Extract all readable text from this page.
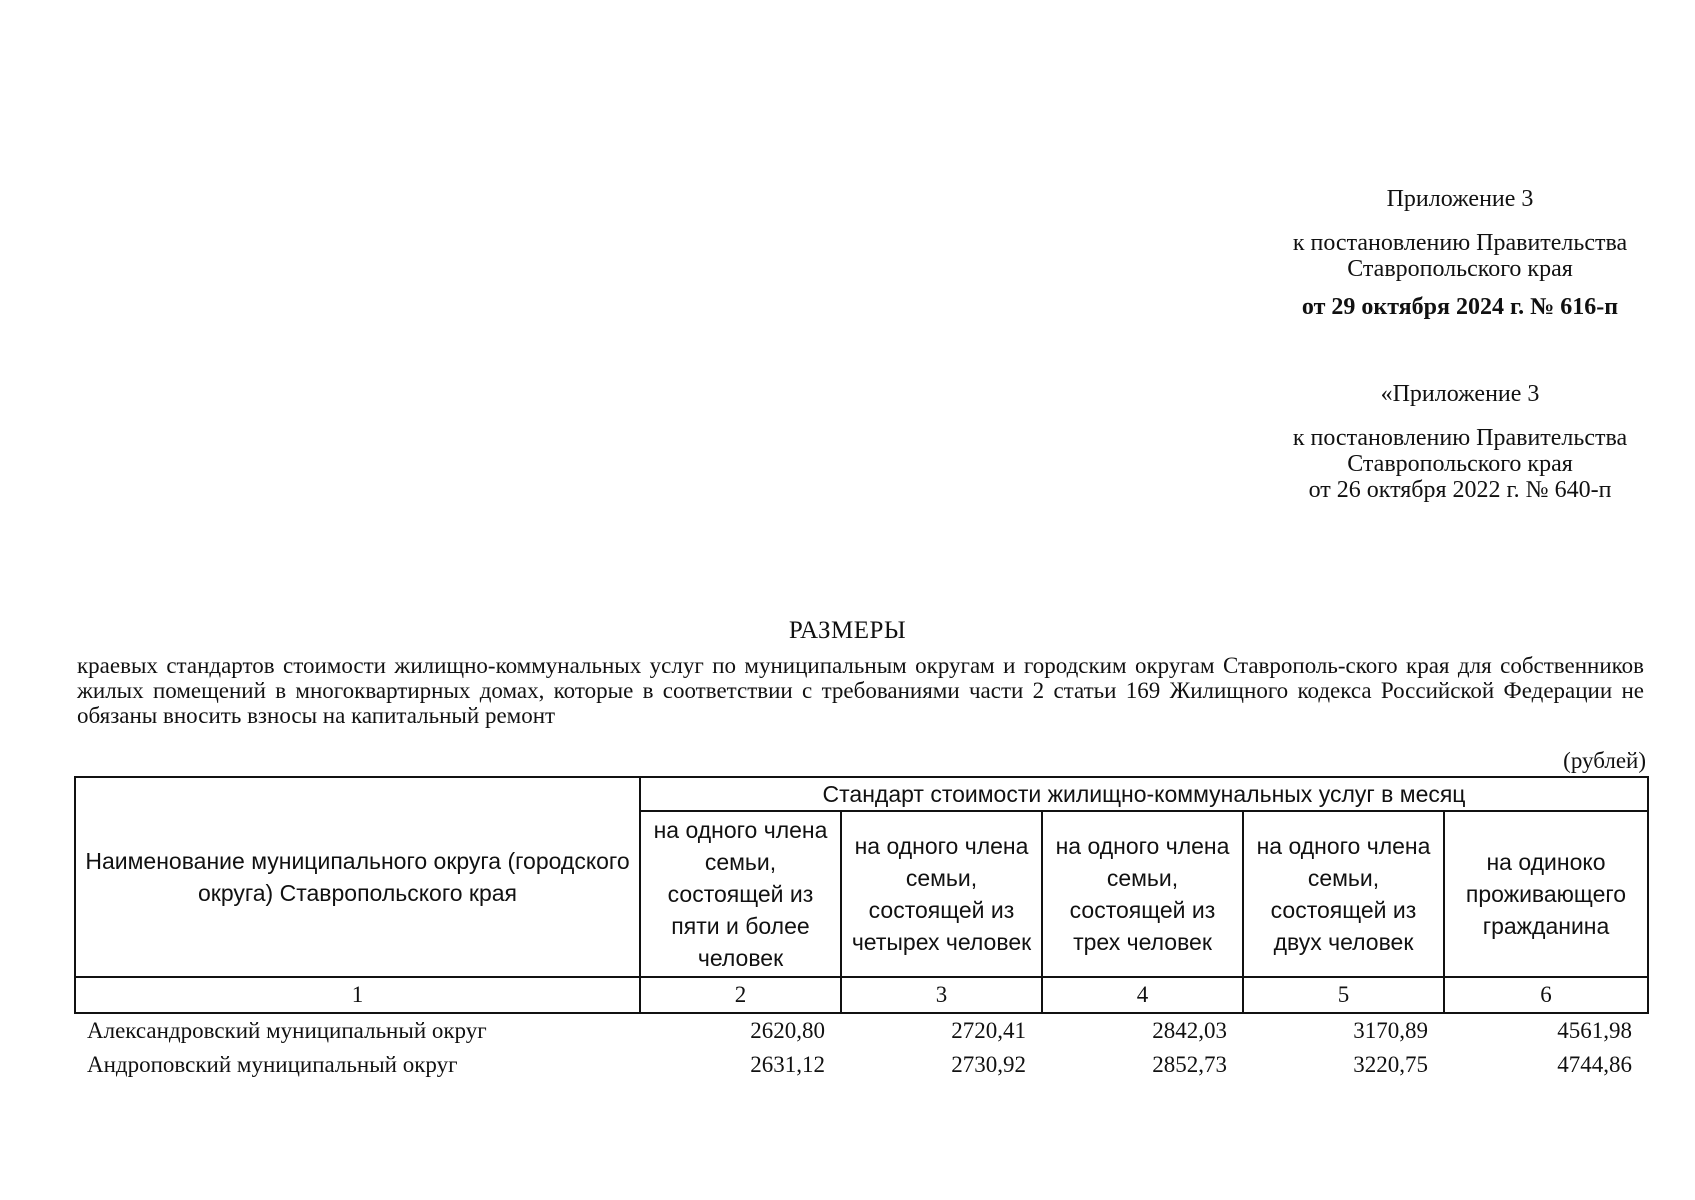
Приложение 3
к постановлению Правительства
Ставропольского края
от 29 октября 2024 г. № 616-п
«Приложение 3
к постановлению Правительства
Ставропольского края
от 26 октября 2022 г. № 640-п
РАЗМЕРЫ
краевых стандартов стоимости жилищно-коммунальных услуг по муниципальным округам и городским округам Ставрополь-ского края для собственников жилых помещений в многоквартирных домах, которые в соответствии с требованиями части 2 статьи 169 Жилищного кодекса Российской Федерации не обязаны вносить взносы на капитальный ремонт
(рублей)
Наименование муниципального округа (городского округа) Ставропольского края	Стандарт стоимости жилищно-коммунальных услуг в месяц				
	на одного члена семьи, состоящей из пяти и более человек	на одного члена семьи, состоящей из четырех человек	на одного члена семьи, состоящей из трех человек	на одного члена семьи, состоящей из двух человек	на одиноко проживающего гражданина
1	2	3	4	5	6
Александровский муниципальный округ	2620,80	2720,41	2842,03	3170,89	4561,98
Андроповский муниципальный округ	2631,12	2730,92	2852,73	3220,75	4744,86
